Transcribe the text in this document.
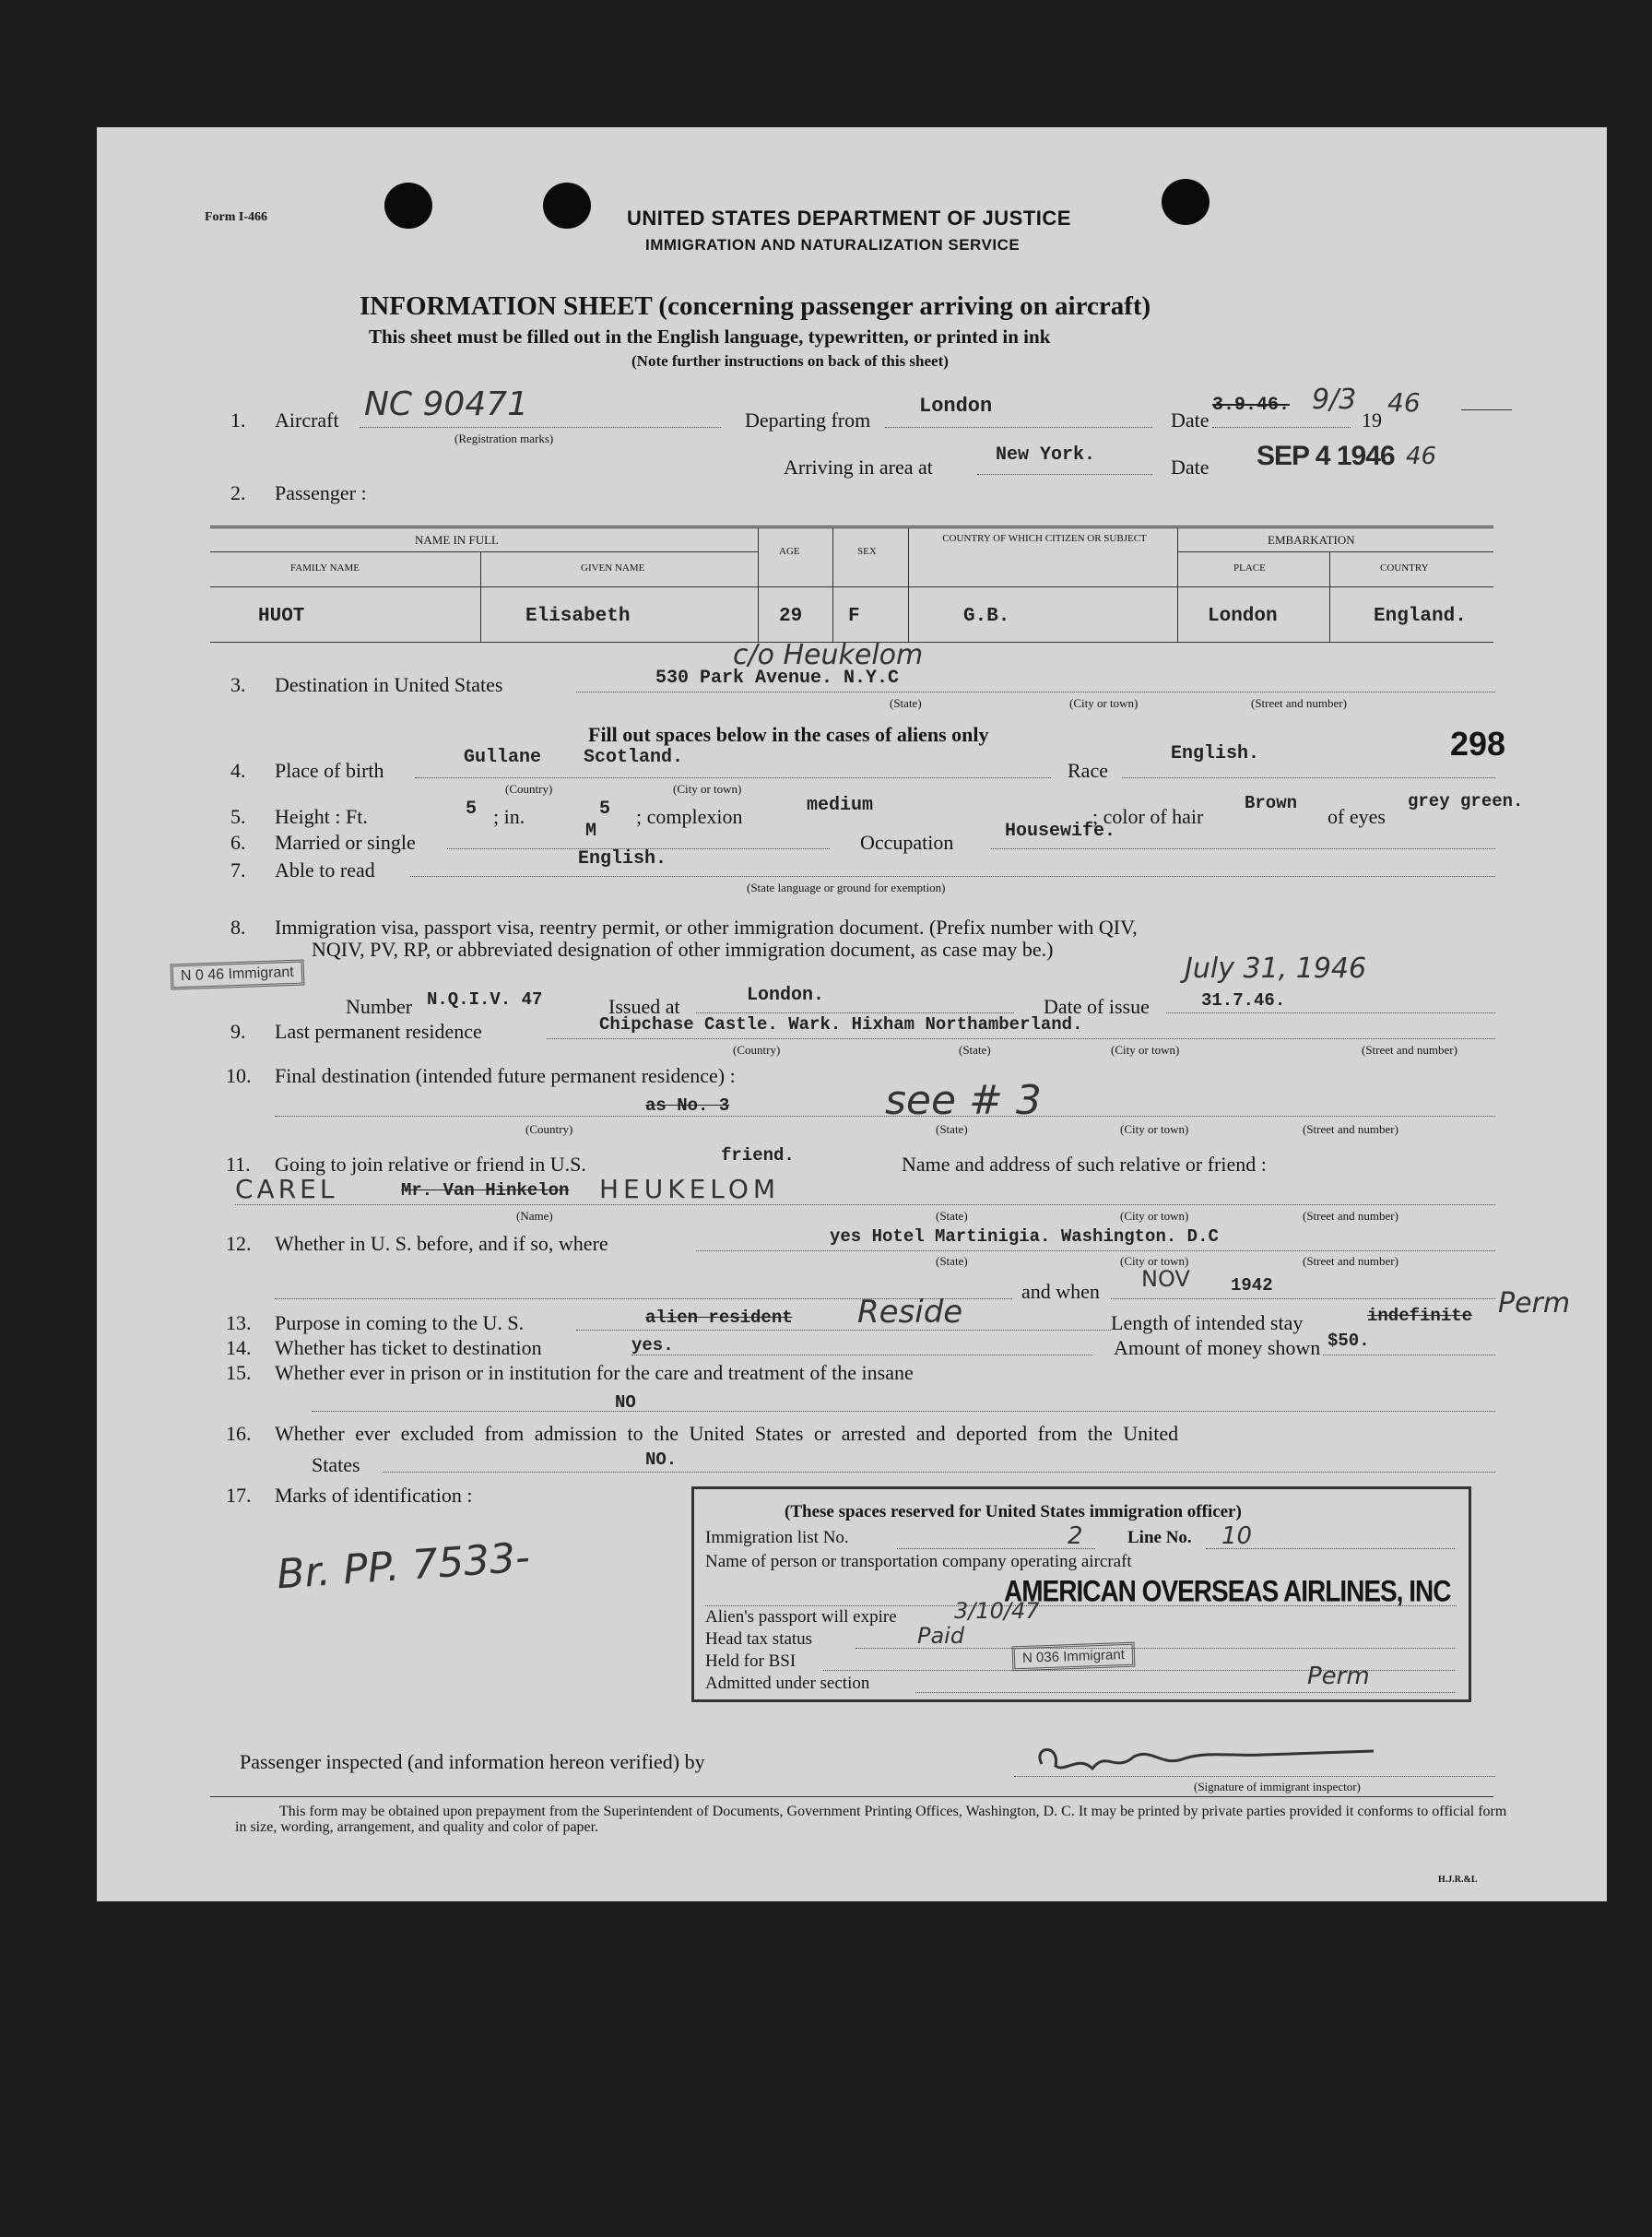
Form I-466	UNITED STATES DEPARTMENT OF JUSTICE
IMMIGRATION AND NATURALIZATION SERVICE
INFORMATION SHEET (concerning passenger arriving on aircraft)
This sheet must be filled out in the English language, typewritten, or printed in ink
(Note further instructions on back of this sheet)
1. Aircraft NC 90471
(Registration marks)
Departing from
London
Date
3.9.46. 9/3
19
46
Arriving in area at
New York.
Date SEP 4 1946 46
2. Passenger :
NAME IN FULL
FAMILY NAME	GIVEN NAME
AGE	SEX
COUNTRY OF WHICH CITIZEN OR SUBJECT	EMBARKATION
PLACE	COUNTRY
HUOT	Elisabeth	29 F	G.B.	London	England.
3. Destination in United States
c/o Heukelom
530 Park Avenue. N.Y.C
(State)	(City or town)	(Street and number)
Fill out spaces below in the cases of aliens only
4. Place of birth
Gullane Scotland.
(Country)	(City or town)
Race
English.	298
5. Height : Ft.	5 ; in.	5 ; complexion	medium	; color of hair
Brown
of eyes
grey green.
6. Married or single	M	Occupation	Housewife.
7. Able to read	English.
(State language or ground for exemption)
8. Immigration visa, passport visa, reentry permit, or other immigration document. (Prefix number with QIV,
NQIV, PV, RP, or abbreviated designation of other immigration document, as case may be.)
N 0 46 Immigrant
Number N.Q.I.V. 47	Issued at	London.	Date of issue	31.7.46.
July 31, 1946
9. Last permanent residence	Chipchase Castle. Wark. Hixham Northamberland.
(Country)	(State)	(City or town)	(Street and number)
10. Final destination (intended future permanent residence) :
as No. 3	see # 3
(Country)	(State)	(City or town)	(Street and number)
11. Going to join relative or friend in U.S.	friend.	Name and address of such relative or friend :
CAREL	Mr. Van Hinkelon HEUKELOM
(Name)	(State)	(City or town)	(Street and number)
12. Whether in U. S. before, and if so, where	yes Hotel Martinigia. Washington. D.C
(State)	(City or town)	(Street and number)
and when NOV 1942
13. Purpose in coming to the U. S.	alien resident Reside	Length of intended stay	indefinite Perm
14. Whether has ticket to destination	yes.	Amount of money shown $50.
15. Whether ever in prison or in institution for the care and treatment of the insane
NO
16. Whether ever excluded from admission to the United States or arrested and deported from the United
States	NO.
17. Marks of identification :
Br. PP. 7533-
(These spaces reserved for United States immigration officer)
Immigration list No.	2	Line No. 10
Name of person or transportation company operating aircraft
AMERICAN OVERSEAS AIRLINES, INC
Alien's passport will expire	3/10/47
Head tax status	Paid
Held for BSI	N 036 Immigrant
Admitted under section	Perm
Passenger inspected (and information hereon verified) by
(Signature of immigrant inspector)
This form may be obtained upon prepayment from the Superintendent of Documents, Government Printing Offices, Washington, D. C. It may be printed by private parties provided it conforms to official form in size, wording, arrangement, and quality and color of paper.
H.J.R.&L
